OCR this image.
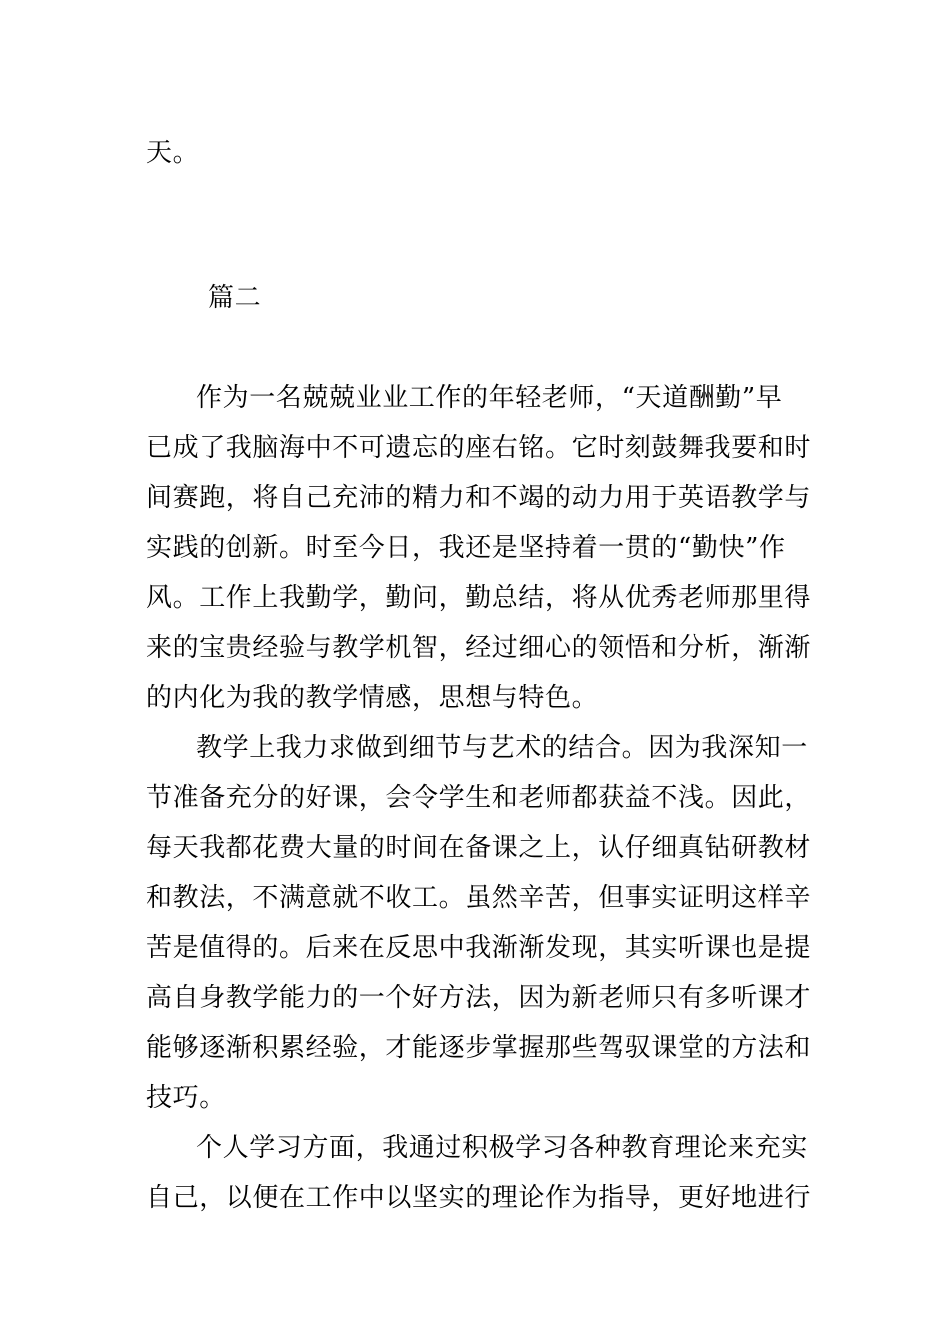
天。
篇二
作为一名兢兢业业工作的年轻老师，“天道酬勤”早
已成了我脑海中不可遗忘的座右铭。它时刻鼓舞我要和时
间赛跑，将自己充沛的精力和不竭的动力用于英语教学与
实践的创新。时至今日，我还是坚持着一贯的“勤快”作
风。工作上我勤学，勤问，勤总结，将从优秀老师那里得
来的宝贵经验与教学机智，经过细心的领悟和分析，渐渐
的内化为我的教学情感，思想与特色。
教学上我力求做到细节与艺术的结合。因为我深知一
节准备充分的好课，会令学生和老师都获益不浅。因此，
每天我都花费大量的时间在备课之上，认仔细真钻研教材
和教法，不满意就不收工。虽然辛苦，但事实证明这样辛
苦是值得的。后来在反思中我渐渐发现，其实听课也是提
高自身教学能力的一个好方法，因为新老师只有多听课才
能够逐渐积累经验，才能逐步掌握那些驾驭课堂的方法和
技巧。
个人学习方面，我通过积极学习各种教育理论来充实
自己，以便在工作中以坚实的理论作为指导，更好地进行
